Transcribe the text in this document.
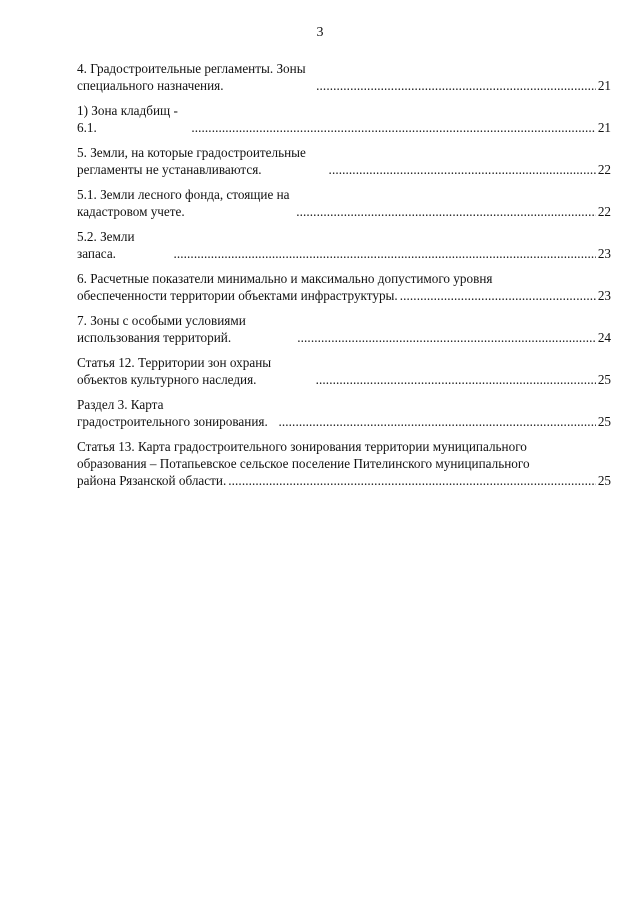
3
4. Градостроительные регламенты. Зоны специального назначения. . . .	21
1) Зона кладбищ - 6.1. . . .	21
5. Земли, на которые градостроительные регламенты не устанавливаются. . . .	22
5.1. Земли лесного фонда, стоящие на кадастровом учете. . . .	22
5.2. Земли запаса. . . .	23
6. Расчетные показатели минимально и максимально допустимого уровня
обеспеченности территории объектами инфраструктуры. . . .	23
7. Зоны с особыми условиями использования территорий. . . .	24
Статья 12. Территории зон охраны объектов культурного наследия. . . .	25
Раздел 3. Карта градостроительного зонирования. . . .	25
Статья 13. Карта градостроительного зонирования территории муниципального
образования – Потапьевское сельское поселение Пителинского муниципального
района Рязанской области. . . .	25
